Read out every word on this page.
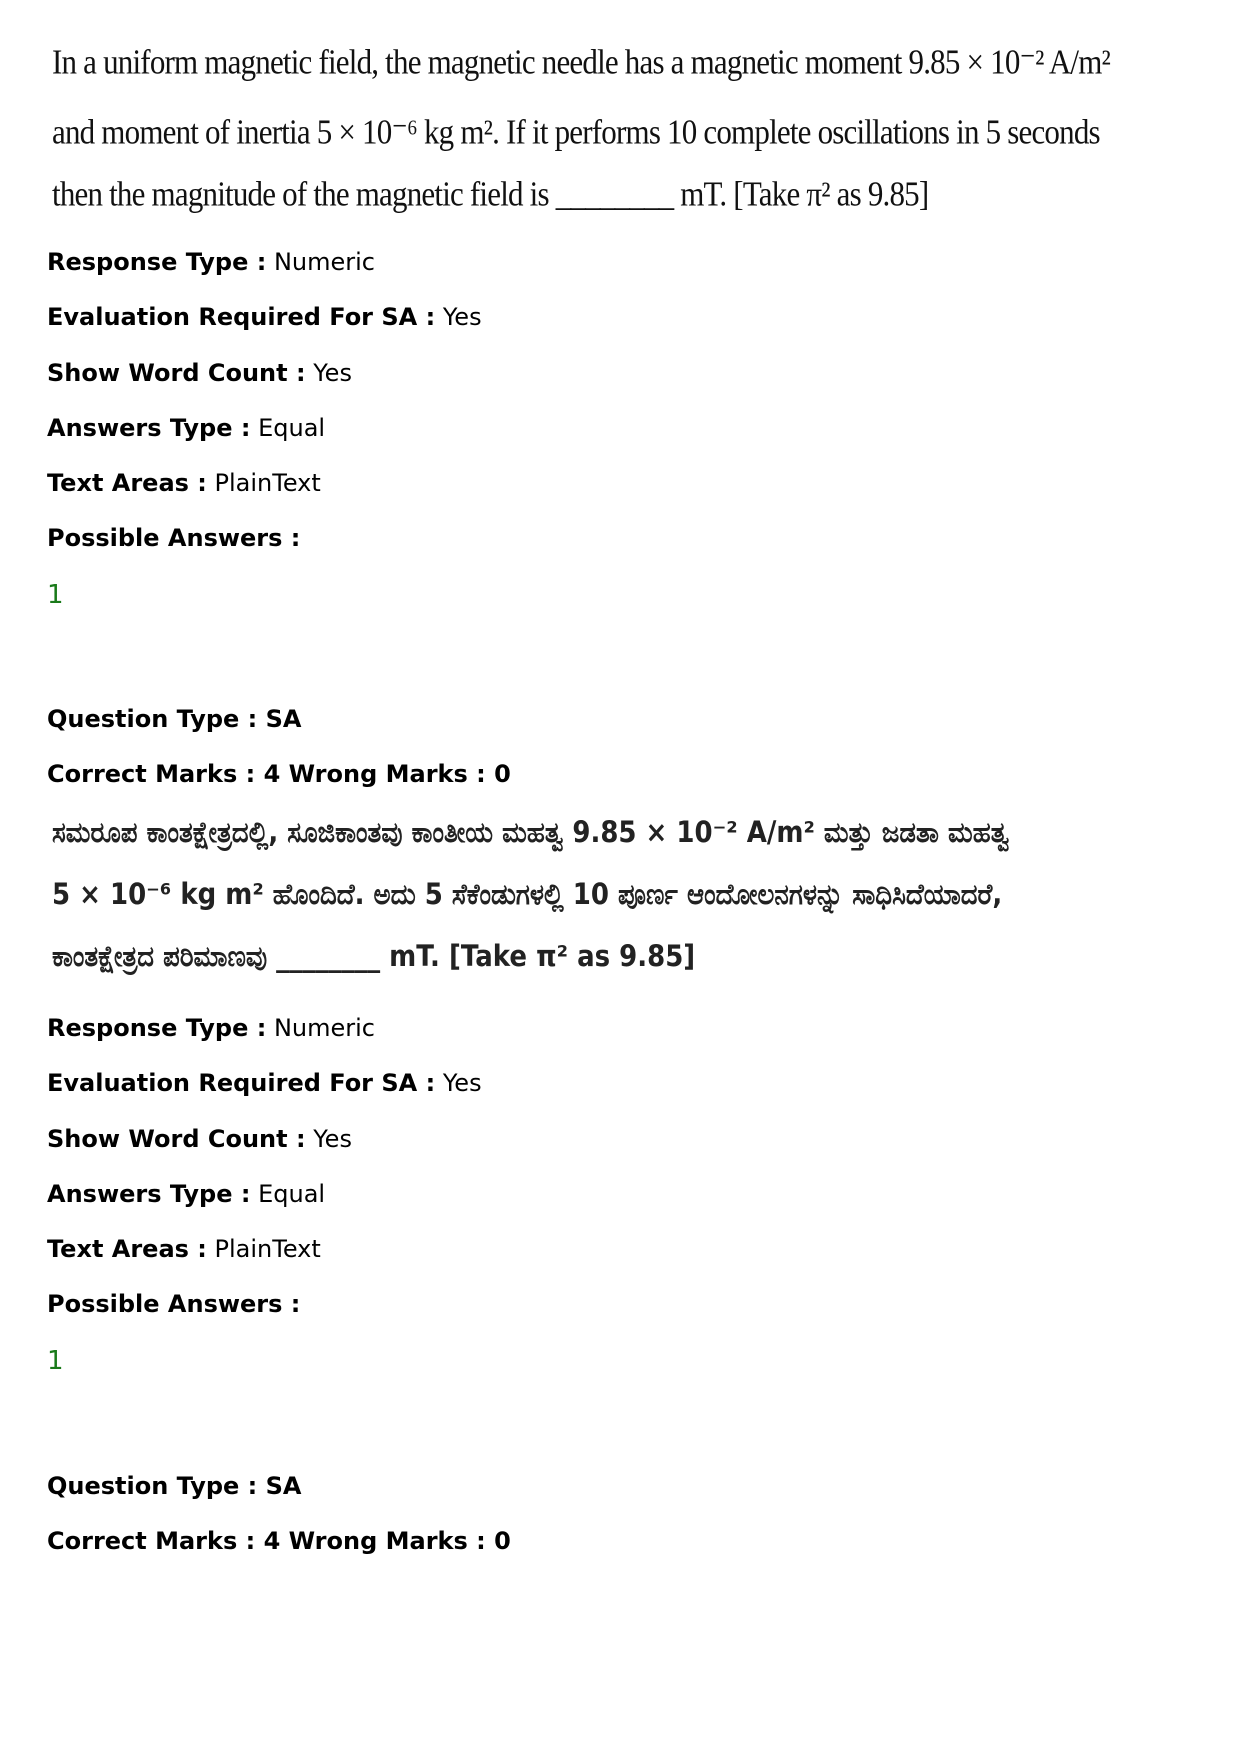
In a uniform magnetic field, the magnetic needle has a magnetic moment 9.85 × 10⁻² A/m²
and moment of inertia 5 × 10⁻⁶ kg m². If it performs 10 complete oscillations in 5 seconds
then the magnitude of the magnetic field is ________ mT. [Take π² as 9.85]
Response Type : Numeric
Evaluation Required For SA : Yes
Show Word Count : Yes
Answers Type : Equal
Text Areas : PlainText
Possible Answers :
1
Question Type : SA
Correct Marks : 4 Wrong Marks : 0
ಸಮರೂಪ ಕಾಂತಕ್ಷೇತ್ರದಲ್ಲಿ, ಸೂಜಿಕಾಂತವು ಕಾಂತೀಯ ಮಹತ್ವ 9.85 × 10⁻² A/m² ಮತ್ತು ಜಡತಾ ಮಹತ್ವ
5 × 10⁻⁶ kg m² ಹೊಂದಿದೆ. ಅದು 5 ಸೆಕೆಂಡುಗಳಲ್ಲಿ 10 ಪೂರ್ಣ ಆಂದೋಲನಗಳನ್ನು ಸಾಧಿಸಿದೆಯಾದರೆ,
ಕಾಂತಕ್ಷೇತ್ರದ ಪರಿಮಾಣವು ________ mT. [Take π² as 9.85]
Response Type : Numeric
Evaluation Required For SA : Yes
Show Word Count : Yes
Answers Type : Equal
Text Areas : PlainText
Possible Answers :
1
Question Type : SA
Correct Marks : 4 Wrong Marks : 0
